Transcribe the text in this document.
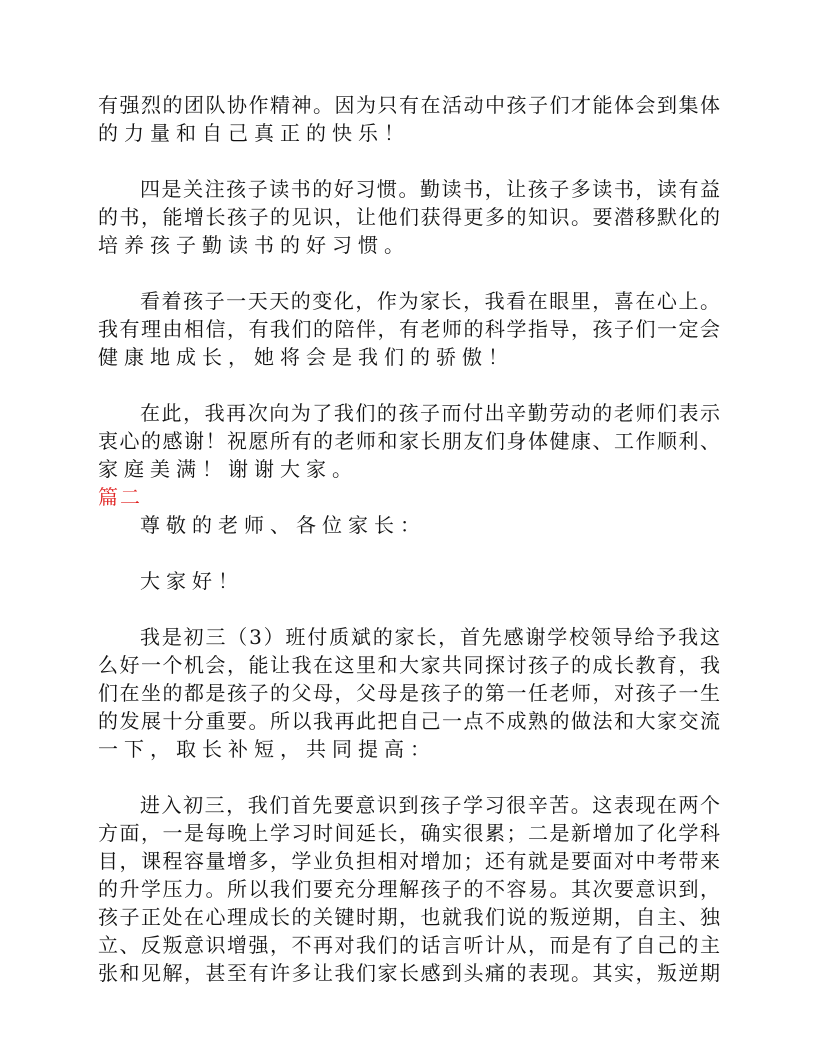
有强烈的团队协作精神。因为只有在活动中孩子们才能体会到集体
的力量和自己真正的快乐！
四是关注孩子读书的好习惯。勤读书，让孩子多读书，读有益
的书，能增长孩子的见识，让他们获得更多的知识。要潜移默化的
培养孩子勤读书的好习惯。
看着孩子一天天的变化，作为家长，我看在眼里，喜在心上。
我有理由相信，有我们的陪伴，有老师的科学指导，孩子们一定会
健康地成长，她将会是我们的骄傲！
在此，我再次向为了我们的孩子而付出辛勤劳动的老师们表示
衷心的感谢！祝愿所有的老师和家长朋友们身体健康、工作顺利、
家庭美满！谢谢大家。
篇二
尊敬的老师、各位家长：
大家好！
我是初三（3）班付质斌的家长，首先感谢学校领导给予我这
么好一个机会，能让我在这里和大家共同探讨孩子的成长教育，我
们在坐的都是孩子的父母，父母是孩子的第一任老师，对孩子一生
的发展十分重要。所以我再此把自己一点不成熟的做法和大家交流
一下，取长补短，共同提高：
进入初三，我们首先要意识到孩子学习很辛苦。这表现在两个
方面，一是每晚上学习时间延长，确实很累；二是新增加了化学科
目，课程容量增多，学业负担相对增加；还有就是要面对中考带来
的升学压力。所以我们要充分理解孩子的不容易。其次要意识到，
孩子正处在心理成长的关键时期，也就我们说的叛逆期，自主、独
立、反叛意识增强，不再对我们的话言听计从，而是有了自己的主
张和见解，甚至有许多让我们家长感到头痛的表现。其实，叛逆期
